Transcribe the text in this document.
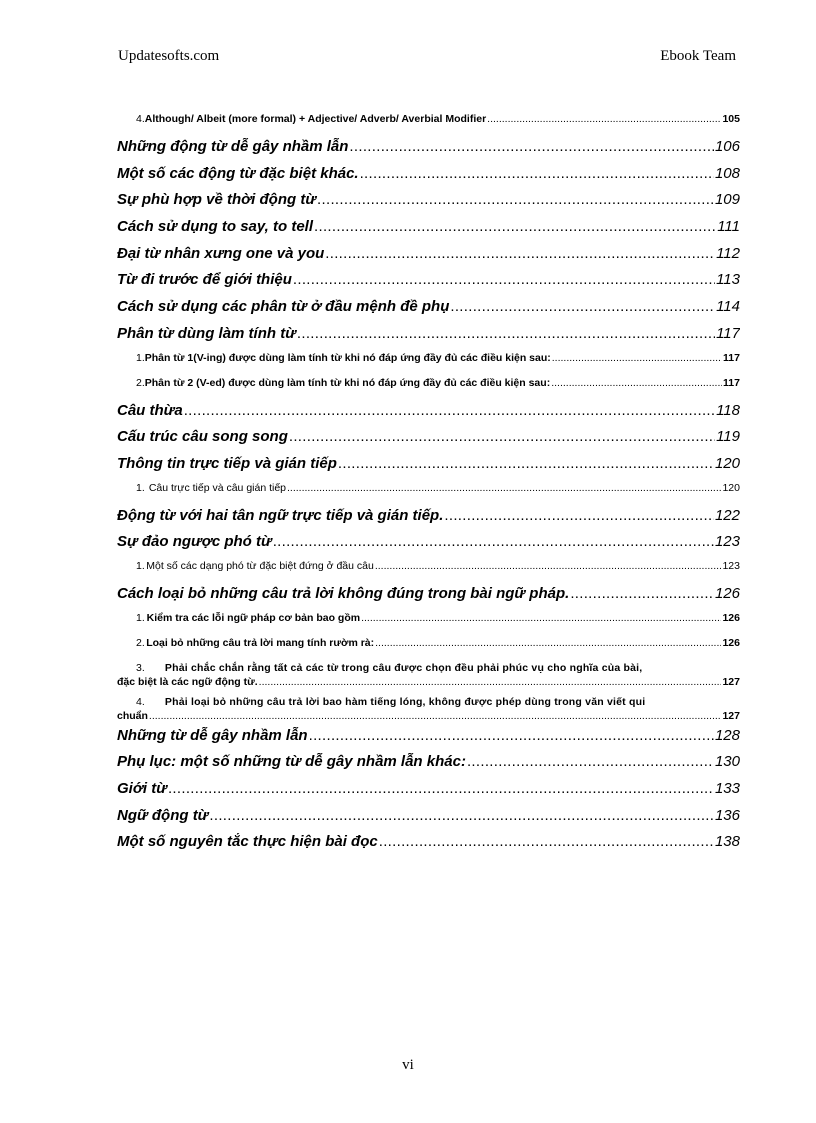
Updatesofts.com	Ebook Team
4. Although/ Albeit (more formal) + Adjective/ Adverb/ Averbial Modifier .....	105
Những động từ dễ gây nhầm lẫn .....	106
Một số các động từ đặc biệt khác. .....	108
Sự phù hợp về thời động từ .....	109
Cách sử dụng to say, to tell .....	111
Đại từ nhân xưng one và you .....	112
Từ đi trước để giới thiệu .....	113
Cách sử dụng các phân từ ở đầu mệnh đề phụ .....	114
Phân từ dùng làm tính từ .....	117
1. Phân từ 1(V-ing) được dùng làm tính từ khi nó đáp ứng đầy đủ các điều kiện sau: .....	117
2. Phân từ 2 (V-ed) được dùng làm tính từ khi nó đáp ứng đầy đủ các điều kiện sau: .....	117
Câu thừa .....	118
Cấu trúc câu song song .....	119
Thông tin trực tiếp và gián tiếp .....	120
1. Câu trực tiếp và câu gián tiếp .....	120
Động từ với hai tân ngữ trực tiếp và gián tiếp. .....	122
Sự đảo ngược phó từ .....	123
1. Một số các dạng phó từ đặc biệt đứng ở đầu câu .....	123
Cách loại bỏ những câu trả lời không đúng trong bài ngữ pháp. .....	126
1. Kiểm tra các lỗi ngữ pháp cơ bản bao gồm .....	126
2. Loại bỏ những câu trả lời mang tính rườm rà: .....	126
3. Phải chắc chắn rằng tất cả các từ trong câu được chọn đều phải phúc vụ cho nghĩa của bài,
đặc biệt là các ngữ động từ. .....	127
4. Phải loại bỏ những câu trả lời bao hàm tiếng lóng, không được phép dùng trong văn viết qui
chuẩn .....	127
Những từ dễ gây nhầm lẫn .....	128
Phụ lục: một số những từ dễ gây nhầm lẫn khác: .....	130
Giới từ .....	133
Ngữ động từ .....	136
Một số nguyên tắc thực hiện bài đọc .....	138
vi
